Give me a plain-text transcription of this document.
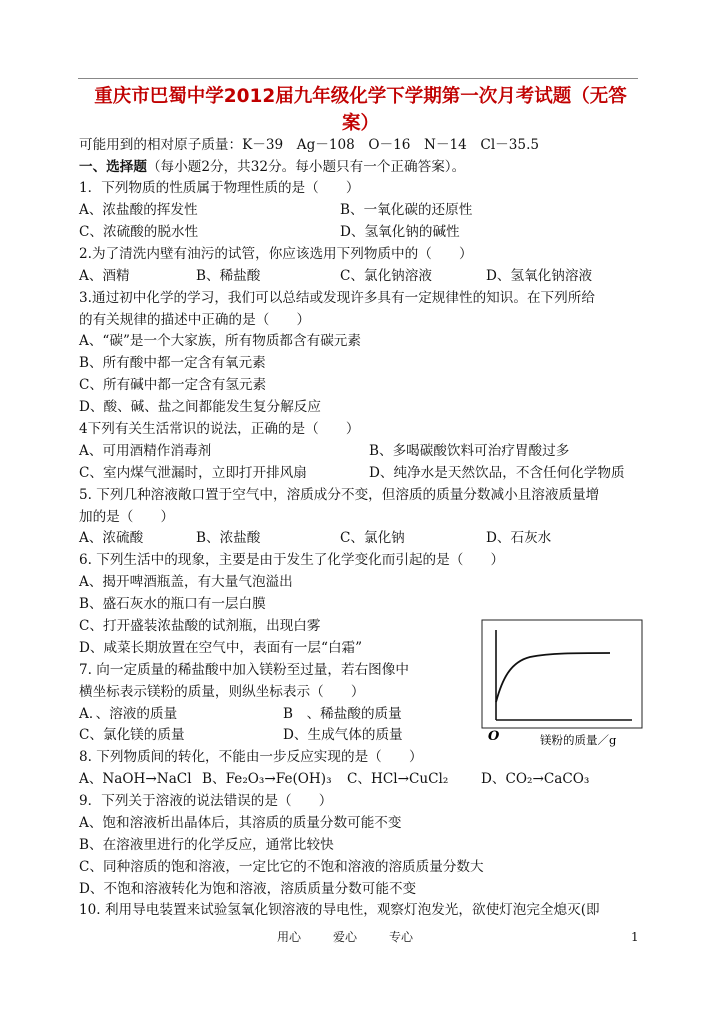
重庆市巴蜀中学2012届九年级化学下学期第一次月考试题（无答
案）
可能用到的相对原子质量：K－39　Ag－108　O－16　N－14　Cl－35.5
一、选择题（每小题2分，共32分。每小题只有一个正确答案）。
1．下列物质的性质属于物理性质的是（　　）
A、浓盐酸的挥发性	B、一氧化碳的还原性
C、浓硫酸的脱水性	D、氢氧化钠的碱性
2.为了清洗内壁有油污的试管，你应该选用下列物质中的（　　）
A、酒精	B、稀盐酸	C、氯化钠溶液	D、氢氧化钠溶液
3.通过初中化学的学习，我们可以总结或发现许多具有一定规律性的知识。在下列所给
的有关规律的描述中正确的是（　　）
A、“碳”是一个大家族，所有物质都含有碳元素
B、所有酸中都一定含有氧元素
C、所有碱中都一定含有氢元素
D、酸、碱、盐之间都能发生复分解反应
4下列有关生活常识的说法，正确的是（　　）
A、可用酒精作消毒剂	B、多喝碳酸饮料可治疗胃酸过多
C、室内煤气泄漏时，立即打开排风扇	D、纯净水是天然饮品，不含任何化学物质
5. 下列几种溶液敞口置于空气中，溶质成分不变，但溶质的质量分数减小且溶液质量增
加的是（　　）
A、浓硫酸	B、浓盐酸	C、氯化钠	D、石灰水
6. 下列生活中的现象，主要是由于发生了化学变化而引起的是（　　）
A、揭开啤酒瓶盖，有大量气泡溢出
B、盛石灰水的瓶口有一层白膜
C、打开盛装浓盐酸的试剂瓶，出现白雾
D、咸菜长期放置在空气中，表面有一层“白霜”
7. 向一定质量的稀盐酸中加入镁粉至过量，若右图像中
横坐标表示镁粉的质量，则纵坐标表示（　　）
A．、溶液的质量	B　、稀盐酸的质量
C、氯化镁的质量	D、生成气体的质量	O	镁粉的质量／g
8. 下列物质间的转化，不能由一步反应实现的是（　　）
A、NaOH→NaCl B、Fe₂O₃→Fe(OH)₃ C、HCl→CuCl₂ D、CO₂→CaCO₃
9．下列关于溶液的说法错误的是（　　）
A、饱和溶液析出晶体后，其溶质的质量分数可能不变
B、在溶液里进行的化学反应，通常比较快
C、同种溶质的饱和溶液，一定比它的不饱和溶液的溶质质量分数大
D、不饱和溶液转化为饱和溶液，溶质质量分数可能不变
10. 利用导电装置来试验氢氧化钡溶液的导电性，观察灯泡发光，欲使灯泡完全熄灭(即
用心	爱心	专心	1
